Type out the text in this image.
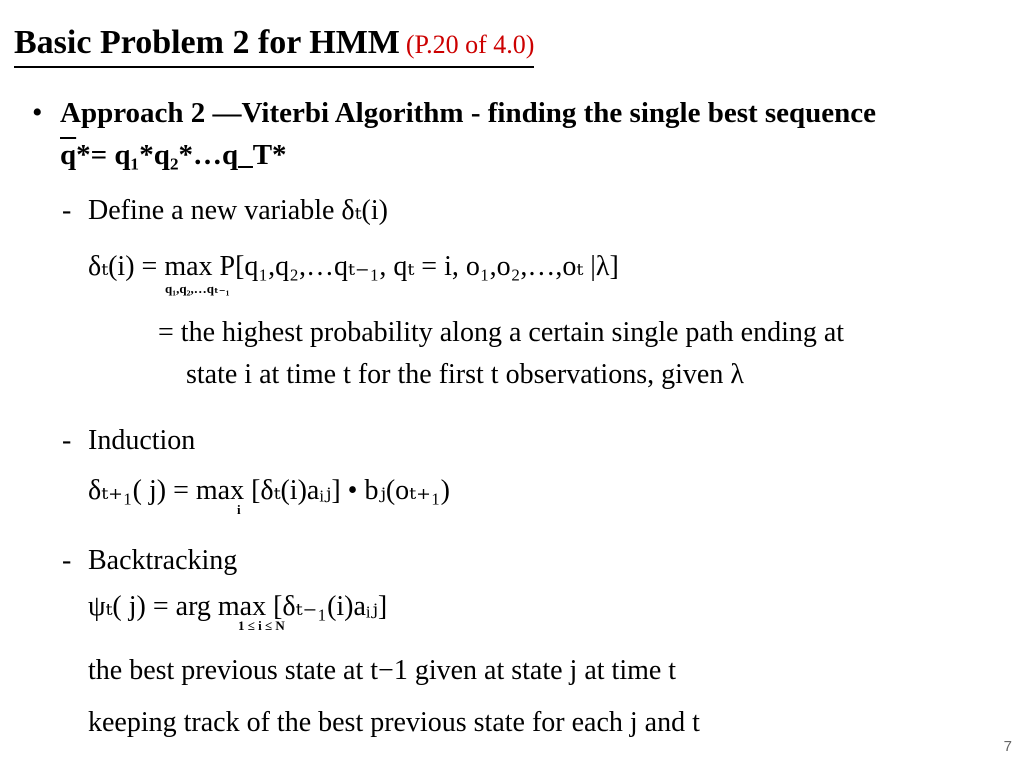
Basic Problem 2 for HMM (P.20 of 4.0)
• Approach 2 —Viterbi Algorithm - finding the single best sequence
$\overline{q}*=$ q₁*q₂*…q_T*
- Define a new variable δₜ(i)
δₜ(i) = max P[q₁,q₂,…qₜ₋₁, qₜ = i, o₁,o₂,…,oₜ |λ]
q₁,q₂,…qₜ₋₁
= the highest probability along a certain single path ending at
state i at time t for the first t observations, given λ
- Induction
δₜ₊₁( j) = max [δₜ(i)aᵢⱼ] • bⱼ(oₜ₊₁)
i
- Backtracking
ψₜ( j) = arg max [δₜ₋₁(i)aᵢⱼ]
1 ≤ i ≤ N
the best previous state at t−1 given at state j at time t
keeping track of the best previous state for each j and t
7
